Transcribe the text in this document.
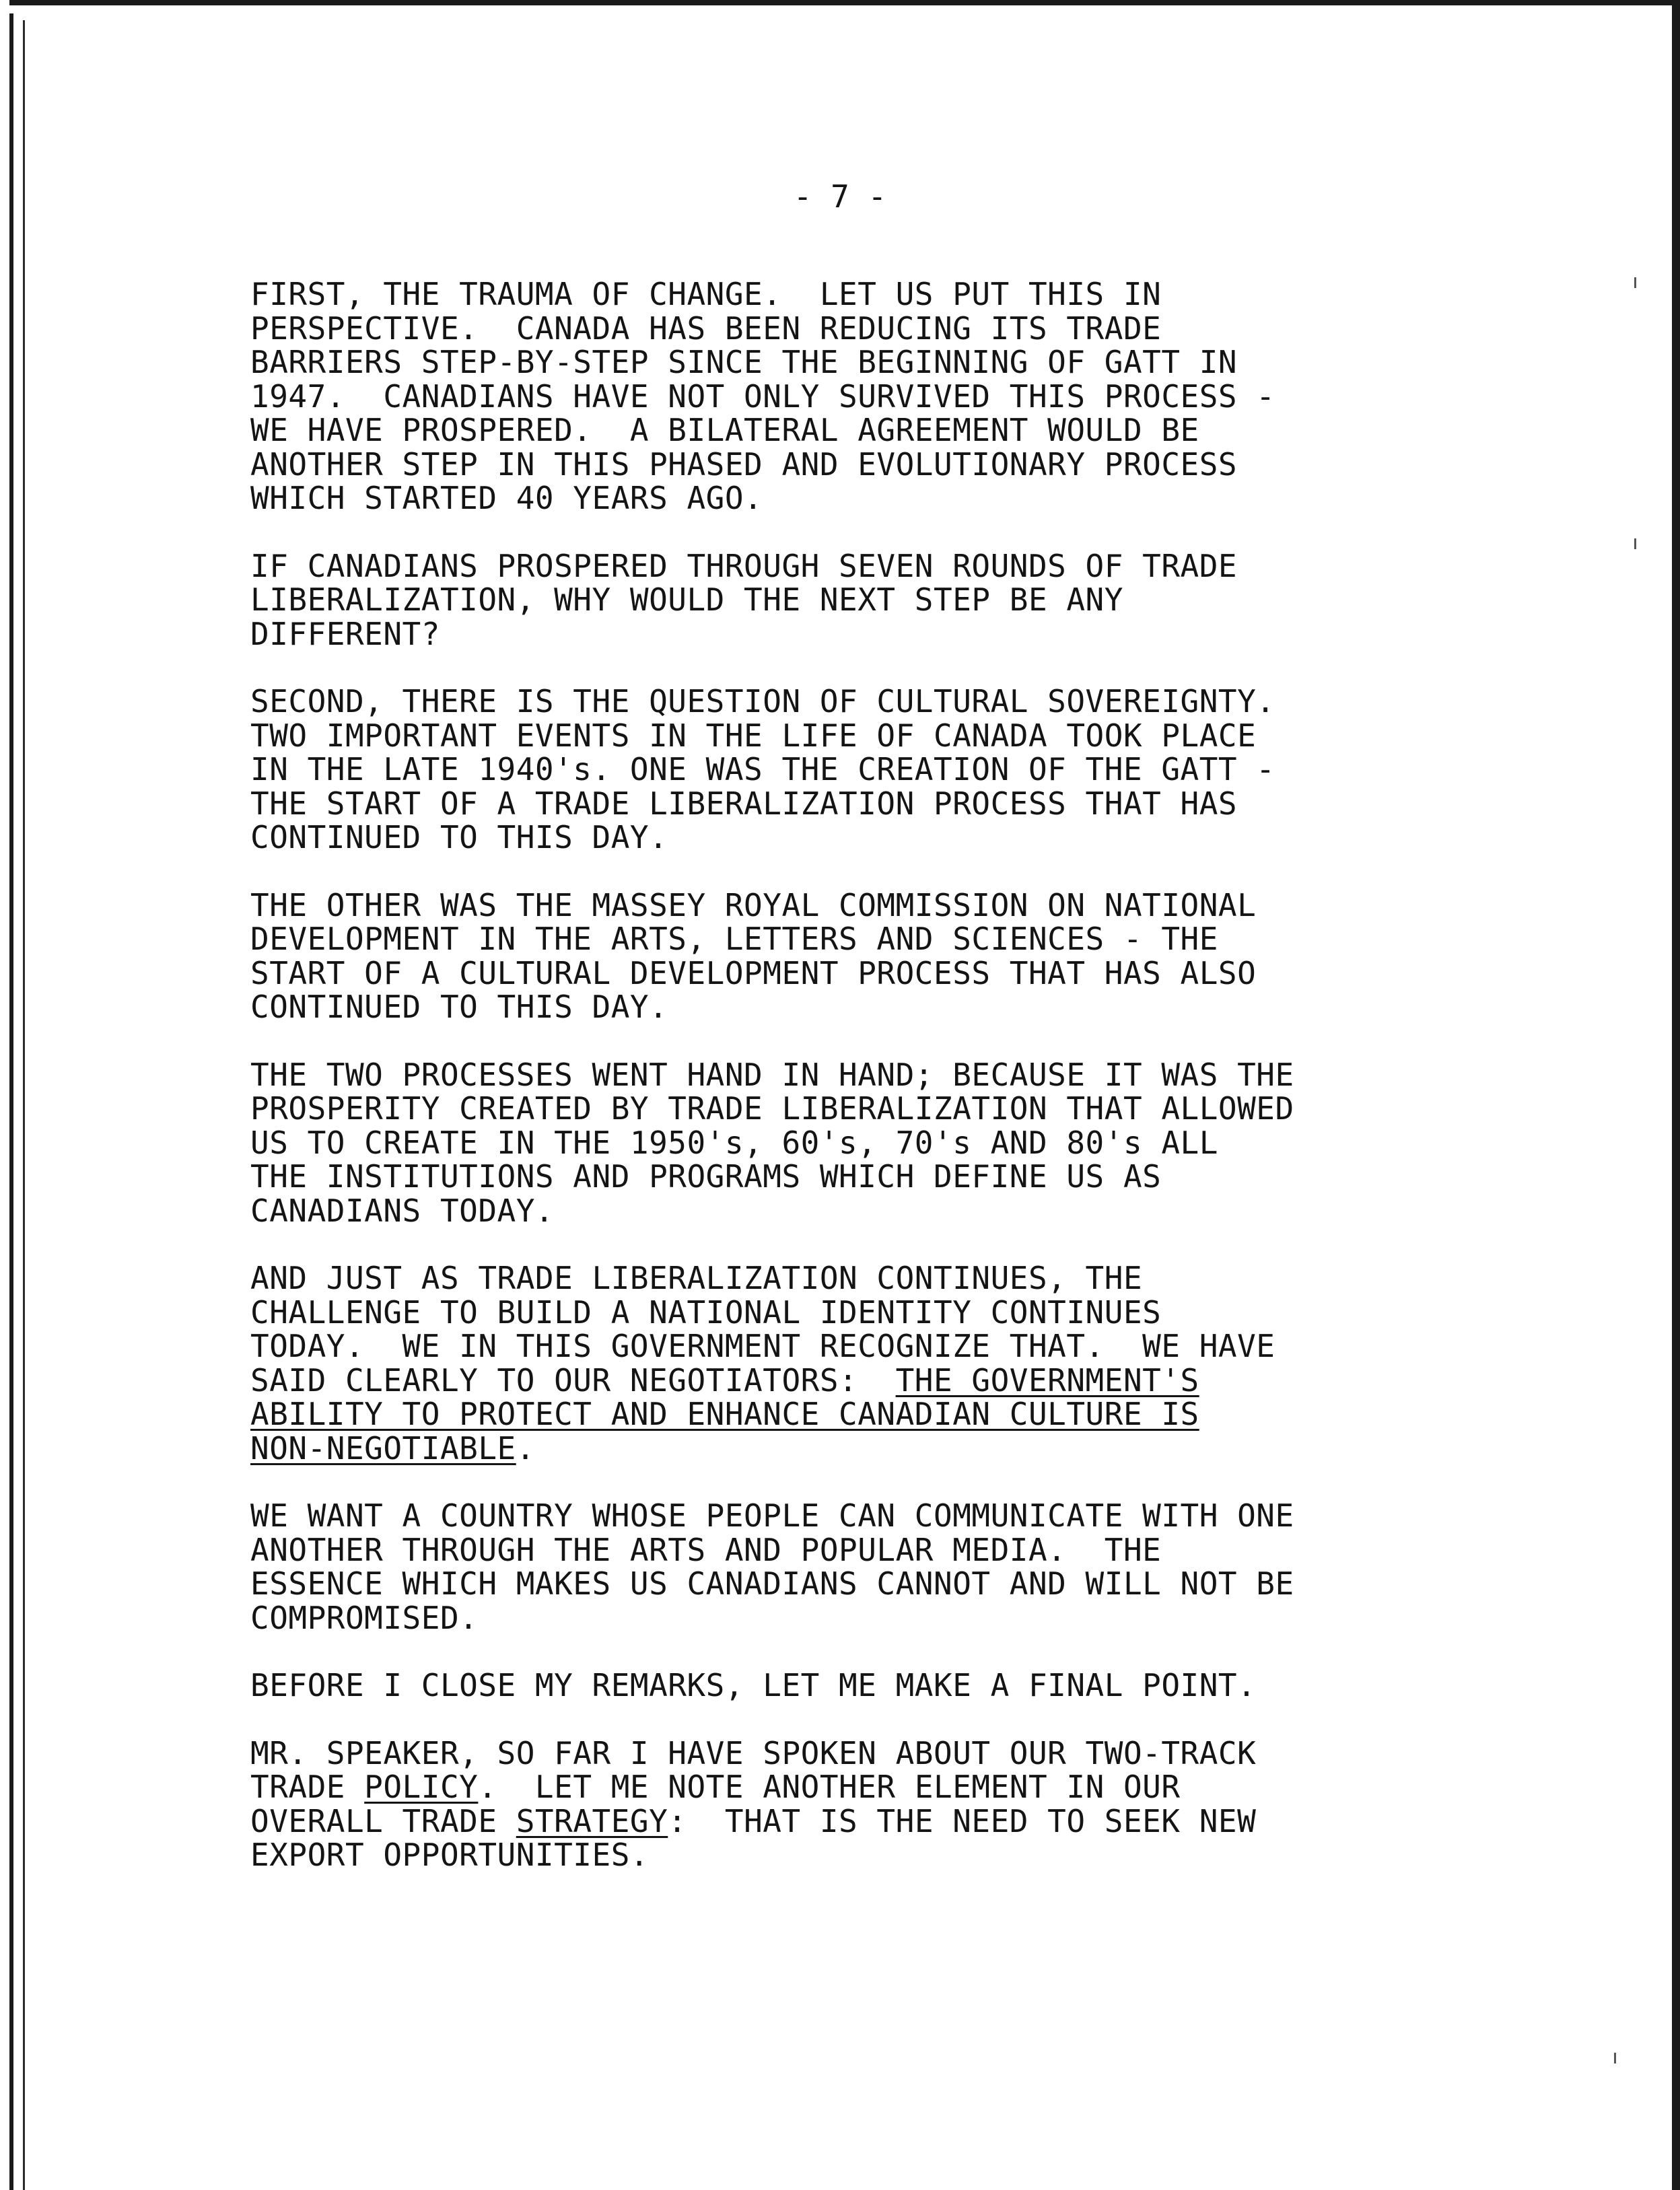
- 7 -
FIRST, THE TRAUMA OF CHANGE.  LET US PUT THIS IN
PERSPECTIVE.  CANADA HAS BEEN REDUCING ITS TRADE
BARRIERS STEP-BY-STEP SINCE THE BEGINNING OF GATT IN
1947.  CANADIANS HAVE NOT ONLY SURVIVED THIS PROCESS -
WE HAVE PROSPERED.  A BILATERAL AGREEMENT WOULD BE
ANOTHER STEP IN THIS PHASED AND EVOLUTIONARY PROCESS
WHICH STARTED 40 YEARS AGO.
IF CANADIANS PROSPERED THROUGH SEVEN ROUNDS OF TRADE
LIBERALIZATION, WHY WOULD THE NEXT STEP BE ANY
DIFFERENT?
SECOND, THERE IS THE QUESTION OF CULTURAL SOVEREIGNTY.
TWO IMPORTANT EVENTS IN THE LIFE OF CANADA TOOK PLACE
IN THE LATE 1940's. ONE WAS THE CREATION OF THE GATT -
THE START OF A TRADE LIBERALIZATION PROCESS THAT HAS
CONTINUED TO THIS DAY.
THE OTHER WAS THE MASSEY ROYAL COMMISSION ON NATIONAL
DEVELOPMENT IN THE ARTS, LETTERS AND SCIENCES - THE
START OF A CULTURAL DEVELOPMENT PROCESS THAT HAS ALSO
CONTINUED TO THIS DAY.
THE TWO PROCESSES WENT HAND IN HAND; BECAUSE IT WAS THE
PROSPERITY CREATED BY TRADE LIBERALIZATION THAT ALLOWED
US TO CREATE IN THE 1950's, 60's, 70's AND 80's ALL
THE INSTITUTIONS AND PROGRAMS WHICH DEFINE US AS
CANADIANS TODAY.
AND JUST AS TRADE LIBERALIZATION CONTINUES, THE
CHALLENGE TO BUILD A NATIONAL IDENTITY CONTINUES
TODAY.  WE IN THIS GOVERNMENT RECOGNIZE THAT.  WE HAVE
SAID CLEARLY TO OUR NEGOTIATORS:  THE GOVERNMENT'S
ABILITY TO PROTECT AND ENHANCE CANADIAN CULTURE IS
NON-NEGOTIABLE.
WE WANT A COUNTRY WHOSE PEOPLE CAN COMMUNICATE WITH ONE
ANOTHER THROUGH THE ARTS AND POPULAR MEDIA.  THE
ESSENCE WHICH MAKES US CANADIANS CANNOT AND WILL NOT BE
COMPROMISED.
BEFORE I CLOSE MY REMARKS, LET ME MAKE A FINAL POINT.
MR. SPEAKER, SO FAR I HAVE SPOKEN ABOUT OUR TWO-TRACK
TRADE POLICY.  LET ME NOTE ANOTHER ELEMENT IN OUR
OVERALL TRADE STRATEGY:  THAT IS THE NEED TO SEEK NEW
EXPORT OPPORTUNITIES.
